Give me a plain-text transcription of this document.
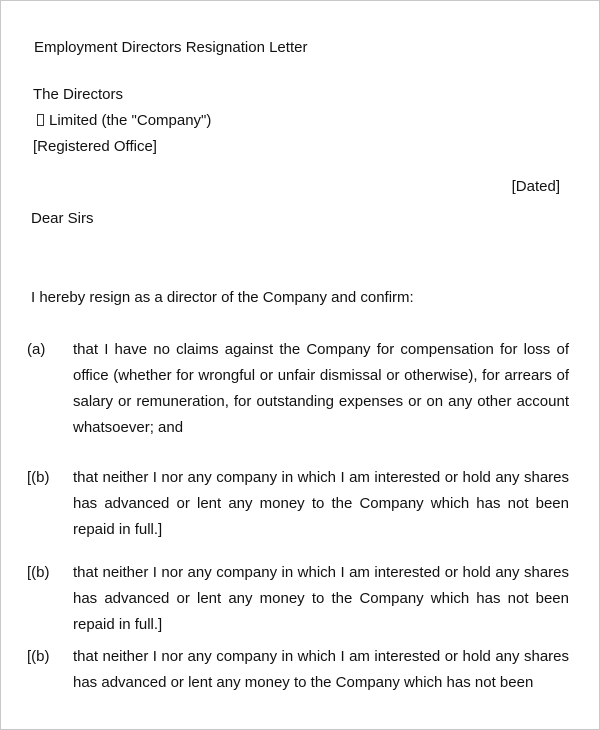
Employment Directors Resignation Letter
The Directors
Limited (the "Company")
[Registered Office]
[Dated]
Dear Sirs
I hereby resign as a director of the Company and confirm:
(a) that I have no claims against the Company for compensation for loss of office (whether for wrongful or unfair dismissal or otherwise), for arrears of salary or remuneration, for outstanding expenses or on any other account whatsoever; and
[(b) that neither I nor any company in which I am interested or hold any shares has advanced or lent any money to the Company which has not been repaid in full.]
[(b) that neither I nor any company in which I am interested or hold any shares has advanced or lent any money to the Company which has not been repaid in full.]
[(b) that neither I nor any company in which I am interested or hold any shares has advanced or lent any money to the Company which has not been
